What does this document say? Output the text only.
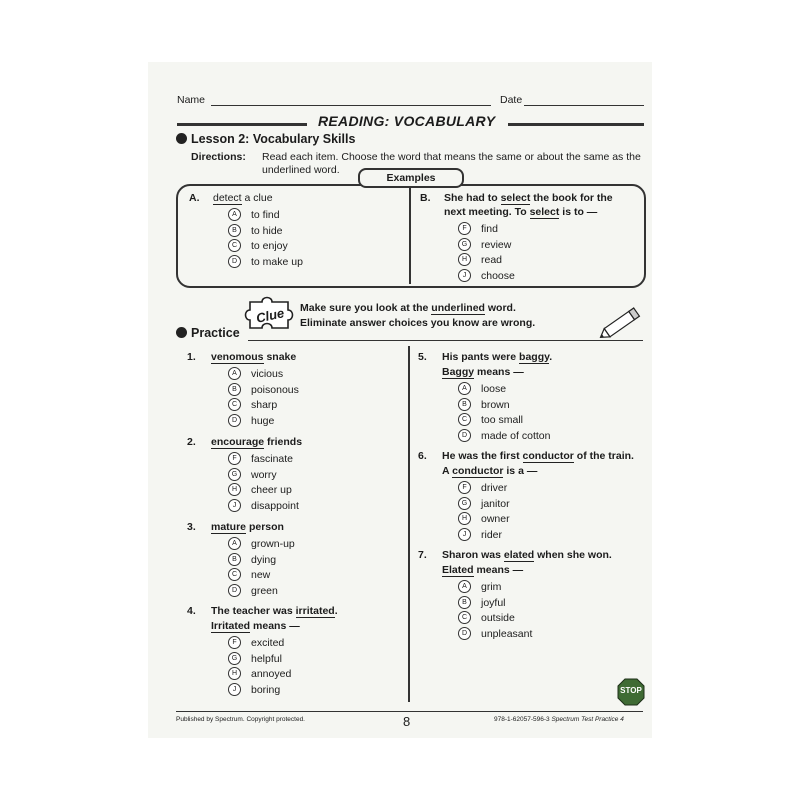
Name	Date
READING: VOCABULARY
Lesson 2: Vocabulary Skills
Directions: Read each item. Choose the word that means the same or about the same as the
underlined word.
Examples
A. detect a clue
A	to find
B	to hide
C	to enjoy
D	to make up
B. She had to select the book for the
next meeting. To select is to —
F	find
G	review
H	read
J	choose
Clue Make sure you look at the underlined word.
Eliminate answer choices you know are wrong.
Practice
1. venomous snake
A	vicious
B	poisonous
C	sharp
D	huge
2. encourage friends
F	fascinate
G	worry
H	cheer up
J	disappoint
3. mature person
A	grown-up
B	dying
C	new
D	green
4. The teacher was irritated.
Irritated means —
F	excited
G	helpful
H	annoyed
J	boring
5. His pants were baggy.
Baggy means —
A	loose
B	brown
C	too small
D	made of cotton
6. He was the first conductor of the train.
A conductor is a —
F	driver
G	janitor
H	owner
J	rider
7. Sharon was elated when she won.
Elated means —
A	grim
B	joyful
C	outside
D	unpleasant
STOP
Published by Spectrum. Copyright protected.	8	978-1-62057-596-3 Spectrum Test Practice 4
